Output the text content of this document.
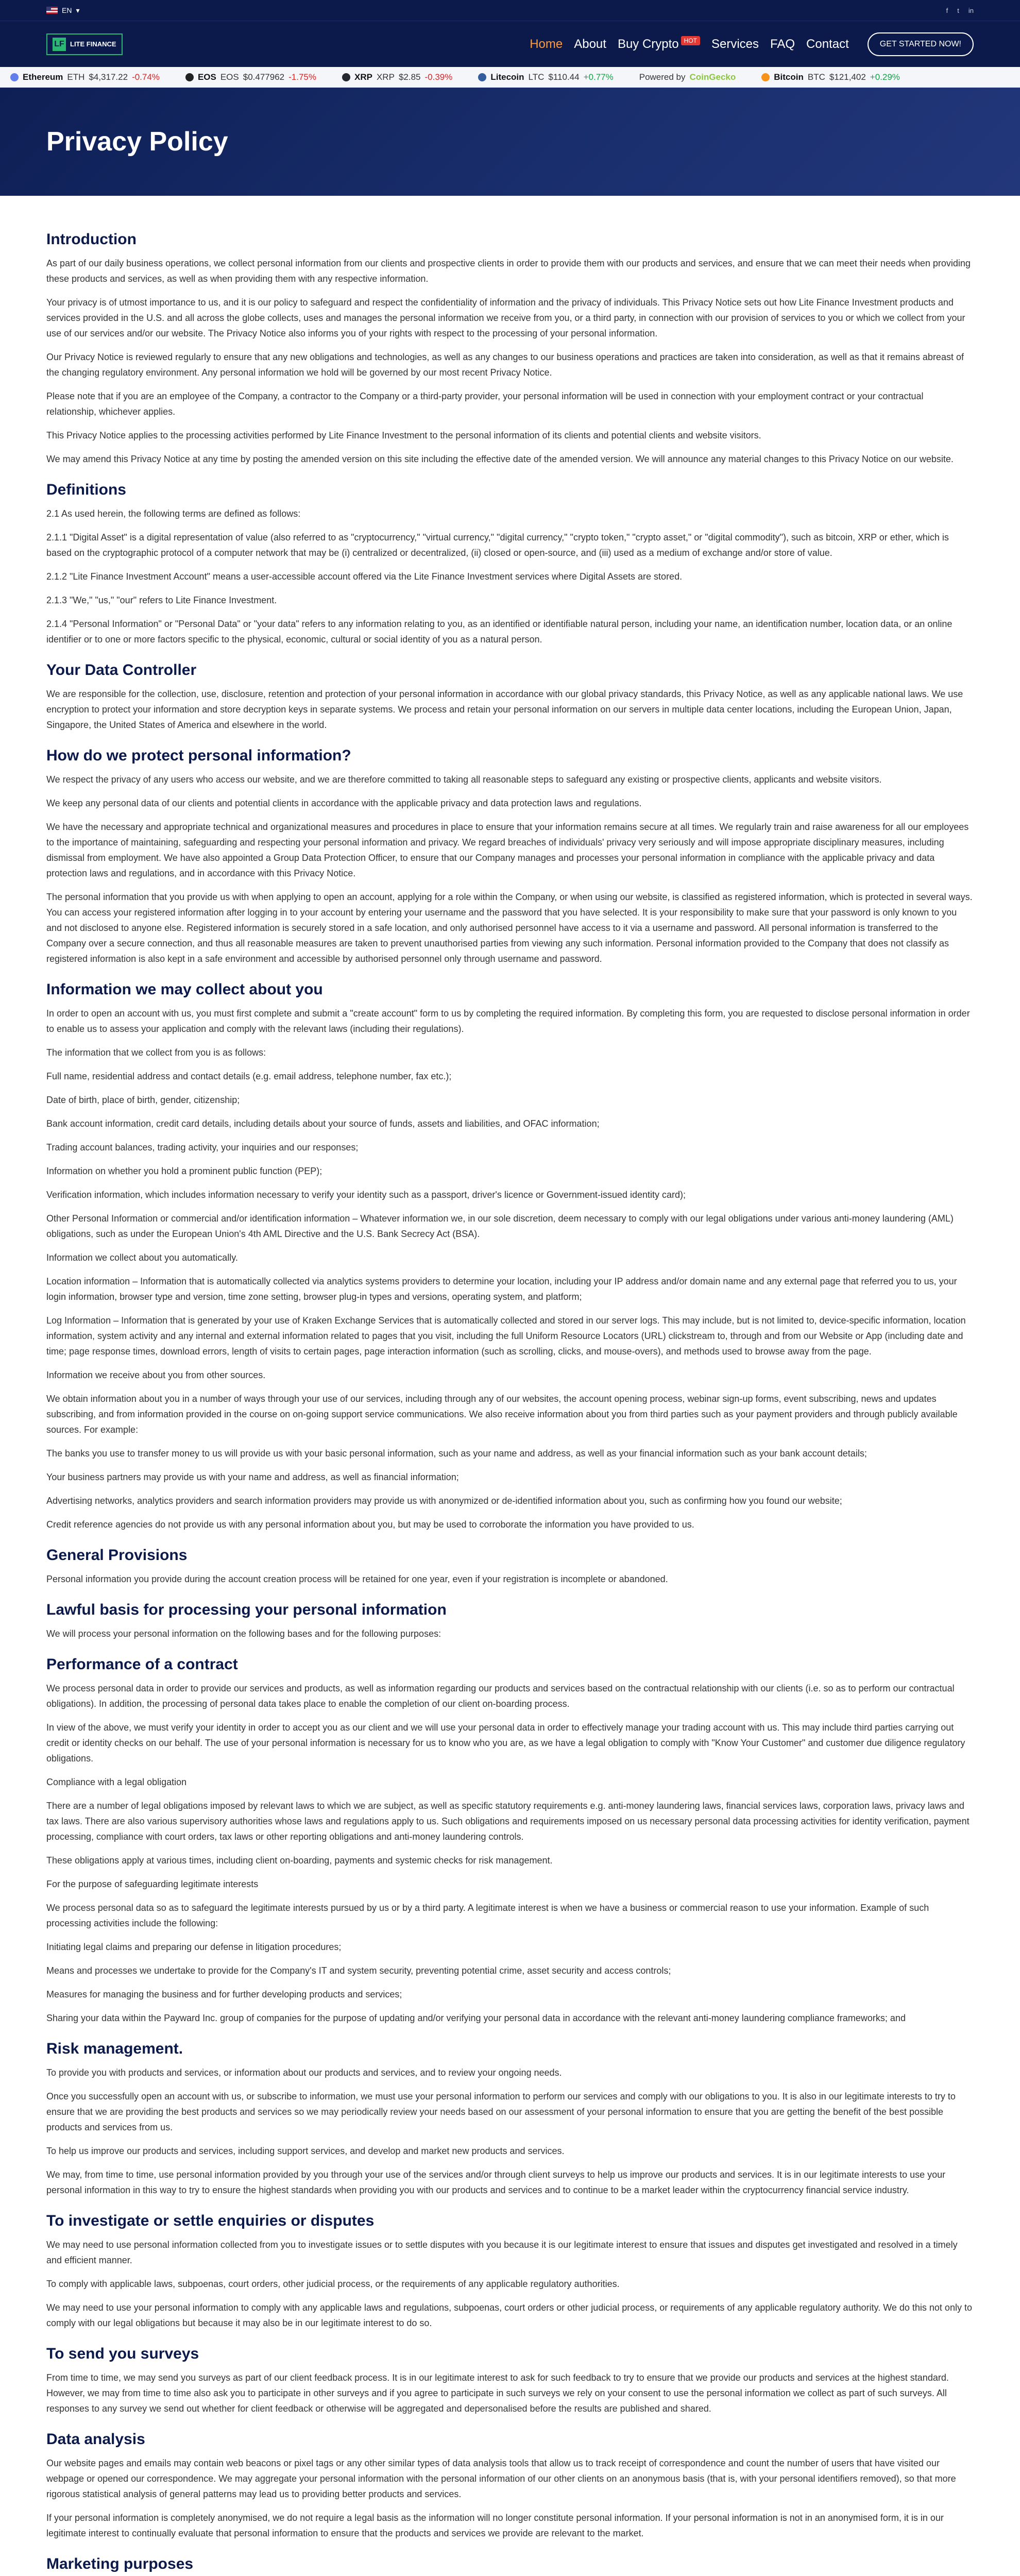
EN ▾	f t in
LF LITE FINANCE	Home About Buy Crypto $^{HOT}$ Services FAQ Contact	GET STARTED NOW!
Ethereum ETH $4,317.22 -0.74%	EOS EOS $0.477962 -1.75%	XRP XRP $2.85 -0.39%	Litecoin LTC $110.44 +0.77%	Powered by CoinGecko	Bitcoin BTC $121,402 +0.29%
Privacy Policy
Introduction

As part of our daily business operations, we collect personal information from our clients and prospective clients in order to provide them with our products and services, and ensure that we can meet their needs when providing these products and services, as well as when providing them with any respective information.

Your privacy is of utmost importance to us, and it is our policy to safeguard and respect the confidentiality of information and the privacy of individuals. This Privacy Notice sets out how Lite Finance Investment products and services provided in the U.S. and all across the globe collects, uses and manages the personal information we receive from you, or a third party, in connection with our provision of services to you or which we collect from your use of our services and/or our website. The Privacy Notice also informs you of your rights with respect to the processing of your personal information.

Our Privacy Notice is reviewed regularly to ensure that any new obligations and technologies, as well as any changes to our business operations and practices are taken into consideration, as well as that it remains abreast of the changing regulatory environment. Any personal information we hold will be governed by our most recent Privacy Notice.

Please note that if you are an employee of the Company, a contractor to the Company or a third-party provider, your personal information will be used in connection with your employment contract or your contractual relationship, whichever applies.

This Privacy Notice applies to the processing activities performed by Lite Finance Investment to the personal information of its clients and potential clients and website visitors.

We may amend this Privacy Notice at any time by posting the amended version on this site including the effective date of the amended version. We will announce any material changes to this Privacy Notice on our website.

Definitions

2.1 As used herein, the following terms are defined as follows:

2.1.1 "Digital Asset" is a digital representation of value (also referred to as "cryptocurrency," "virtual currency," "digital currency," "crypto token," "crypto asset," or "digital commodity"), such as bitcoin, XRP or ether, which is based on the cryptographic protocol of a computer network that may be (i) centralized or decentralized, (ii) closed or open-source, and (iii) used as a medium of exchange and/or store of value.

2.1.2 "Lite Finance Investment Account" means a user-accessible account offered via the Lite Finance Investment services where Digital Assets are stored.

2.1.3 "We," "us," "our" refers to Lite Finance Investment.

2.1.4 "Personal Information" or "Personal Data" or "your data" refers to any information relating to you, as an identified or identifiable natural person, including your name, an identification number, location data, or an online identifier or to one or more factors specific to the physical, economic, cultural or social identity of you as a natural person.

Your Data Controller

We are responsible for the collection, use, disclosure, retention and protection of your personal information in accordance with our global privacy standards, this Privacy Notice, as well as any applicable national laws. We use encryption to protect your information and store decryption keys in separate systems. We process and retain your personal information on our servers in multiple data center locations, including the European Union, Japan, Singapore, the United States of America and elsewhere in the world.

How do we protect personal information?

We respect the privacy of any users who access our website, and we are therefore committed to taking all reasonable steps to safeguard any existing or prospective clients, applicants and website visitors.

We keep any personal data of our clients and potential clients in accordance with the applicable privacy and data protection laws and regulations.

We have the necessary and appropriate technical and organizational measures and procedures in place to ensure that your information remains secure at all times. We regularly train and raise awareness for all our employees to the importance of maintaining, safeguarding and respecting your personal information and privacy. We regard breaches of individuals' privacy very seriously and will impose appropriate disciplinary measures, including dismissal from employment. We have also appointed a Group Data Protection Officer, to ensure that our Company manages and processes your personal information in compliance with the applicable privacy and data protection laws and regulations, and in accordance with this Privacy Notice.

The personal information that you provide us with when applying to open an account, applying for a role within the Company, or when using our website, is classified as registered information, which is protected in several ways. You can access your registered information after logging in to your account by entering your username and the password that you have selected. It is your responsibility to make sure that your password is only known to you and not disclosed to anyone else. Registered information is securely stored in a safe location, and only authorised personnel have access to it via a username and password. All personal information is transferred to the Company over a secure connection, and thus all reasonable measures are taken to prevent unauthorised parties from viewing any such information. Personal information provided to the Company that does not classify as registered information is also kept in a safe environment and accessible by authorised personnel only through username and password.

Information we may collect about you

In order to open an account with us, you must first complete and submit a "create account" form to us by completing the required information. By completing this form, you are requested to disclose personal information in order to enable us to assess your application and comply with the relevant laws (including their regulations).

The information that we collect from you is as follows:

Full name, residential address and contact details (e.g. email address, telephone number, fax etc.);

Date of birth, place of birth, gender, citizenship;

Bank account information, credit card details, including details about your source of funds, assets and liabilities, and OFAC information;

Trading account balances, trading activity, your inquiries and our responses;

Information on whether you hold a prominent public function (PEP);

Verification information, which includes information necessary to verify your identity such as a passport, driver's licence or Government-issued identity card);

Other Personal Information or commercial and/or identification information – Whatever information we, in our sole discretion, deem necessary to comply with our legal obligations under various anti-money laundering (AML) obligations, such as under the European Union's 4th AML Directive and the U.S. Bank Secrecy Act (BSA).

Information we collect about you automatically.

Location information – Information that is automatically collected via analytics systems providers to determine your location, including your IP address and/or domain name and any external page that referred you to us, your login information, browser type and version, time zone setting, browser plug-in types and versions, operating system, and platform;

Log Information – Information that is generated by your use of Kraken Exchange Services that is automatically collected and stored in our server logs. This may include, but is not limited to, device-specific information, location information, system activity and any internal and external information related to pages that you visit, including the full Uniform Resource Locators (URL) clickstream to, through and from our Website or App (including date and time; page response times, download errors, length of visits to certain pages, page interaction information (such as scrolling, clicks, and mouse-overs), and methods used to browse away from the page.

Information we receive about you from other sources.

We obtain information about you in a number of ways through your use of our services, including through any of our websites, the account opening process, webinar sign-up forms, event subscribing, news and updates subscribing, and from information provided in the course on on-going support service communications. We also receive information about you from third parties such as your payment providers and through publicly available sources. For example:

The banks you use to transfer money to us will provide us with your basic personal information, such as your name and address, as well as your financial information such as your bank account details;

Your business partners may provide us with your name and address, as well as financial information;

Advertising networks, analytics providers and search information providers may provide us with anonymized or de-identified information about you, such as confirming how you found our website;

Credit reference agencies do not provide us with any personal information about you, but may be used to corroborate the information you have provided to us.

General Provisions

Personal information you provide during the account creation process will be retained for one year, even if your registration is incomplete or abandoned.

Lawful basis for processing your personal information

We will process your personal information on the following bases and for the following purposes:

Performance of a contract

We process personal data in order to provide our services and products, as well as information regarding our products and services based on the contractual relationship with our clients (i.e. so as to perform our contractual obligations). In addition, the processing of personal data takes place to enable the completion of our client on-boarding process.

In view of the above, we must verify your identity in order to accept you as our client and we will use your personal data in order to effectively manage your trading account with us. This may include third parties carrying out credit or identity checks on our behalf. The use of your personal information is necessary for us to know who you are, as we have a legal obligation to comply with "Know Your Customer" and customer due diligence regulatory obligations.

Compliance with a legal obligation

There are a number of legal obligations imposed by relevant laws to which we are subject, as well as specific statutory requirements e.g. anti-money laundering laws, financial services laws, corporation laws, privacy laws and tax laws. There are also various supervisory authorities whose laws and regulations apply to us. Such obligations and requirements imposed on us necessary personal data processing activities for identity verification, payment processing, compliance with court orders, tax laws or other reporting obligations and anti-money laundering controls.

These obligations apply at various times, including client on-boarding, payments and systemic checks for risk management.

For the purpose of safeguarding legitimate interests

We process personal data so as to safeguard the legitimate interests pursued by us or by a third party. A legitimate interest is when we have a business or commercial reason to use your information. Example of such processing activities include the following:

Initiating legal claims and preparing our defense in litigation procedures;

Means and processes we undertake to provide for the Company's IT and system security, preventing potential crime, asset security and access controls;

Measures for managing the business and for further developing products and services;

Sharing your data within the Payward Inc. group of companies for the purpose of updating and/or verifying your personal data in accordance with the relevant anti-money laundering compliance frameworks; and

Risk management.

To provide you with products and services, or information about our products and services, and to review your ongoing needs.

Once you successfully open an account with us, or subscribe to information, we must use your personal information to perform our services and comply with our obligations to you. It is also in our legitimate interests to try to ensure that we are providing the best products and services so we may periodically review your needs based on our assessment of your personal information to ensure that you are getting the benefit of the best possible products and services from us.

To help us improve our products and services, including support services, and develop and market new products and services.

We may, from time to time, use personal information provided by you through your use of the services and/or through client surveys to help us improve our products and services. It is in our legitimate interests to use your personal information in this way to try to ensure the highest standards when providing you with our products and services and to continue to be a market leader within the cryptocurrency financial service industry.

To investigate or settle enquiries or disputes

We may need to use personal information collected from you to investigate issues or to settle disputes with you because it is our legitimate interest to ensure that issues and disputes get investigated and resolved in a timely and efficient manner.

To comply with applicable laws, subpoenas, court orders, other judicial process, or the requirements of any applicable regulatory authorities.

We may need to use your personal information to comply with any applicable laws and regulations, subpoenas, court orders or other judicial process, or requirements of any applicable regulatory authority. We do this not only to comply with our legal obligations but because it may also be in our legitimate interest to do so.

To send you surveys

From time to time, we may send you surveys as part of our client feedback process. It is in our legitimate interest to ask for such feedback to try to ensure that we provide our products and services at the highest standard. However, we may from time to time also ask you to participate in other surveys and if you agree to participate in such surveys we rely on your consent to use the personal information we collect as part of such surveys. All responses to any survey we send out whether for client feedback or otherwise will be aggregated and depersonalised before the results are published and shared.

Data analysis

Our website pages and emails may contain web beacons or pixel tags or any other similar types of data analysis tools that allow us to track receipt of correspondence and count the number of users that have visited our webpage or opened our correspondence. We may aggregate your personal information with the personal information of our other clients on an anonymous basis (that is, with your personal identifiers removed), so that more rigorous statistical analysis of general patterns may lead us to providing better products and services.

If your personal information is completely anonymised, we do not require a legal basis as the information will no longer constitute personal information. If your personal information is not in an anonymised form, it is in our legitimate interest to continually evaluate that personal information to ensure that the products and services we provide are relevant to the market.

Marketing purposes
